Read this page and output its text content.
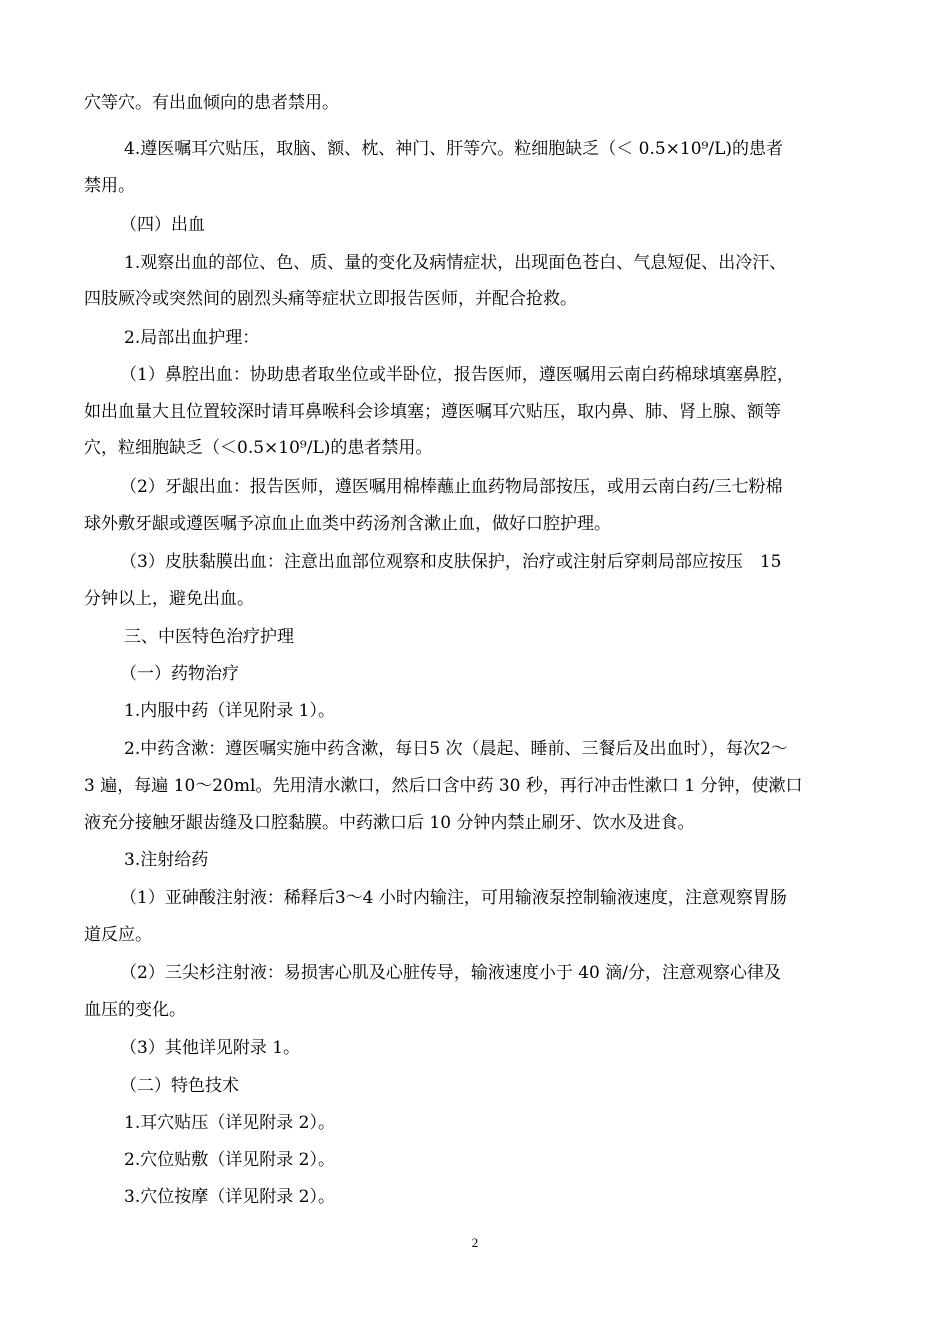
穴等穴。有出血倾向的患者禁用。
4.遵医嘱耳穴贴压，取脑、额、枕、神门、肝等穴。粒细胞缺乏（＜ 0.5×10⁹/L)的患者
禁用。
（四）出血
1.观察出血的部位、色、质、量的变化及病情症状，出现面色苍白、气息短促、出冷汗、
四肢厥冷或突然间的剧烈头痛等症状立即报告医师，并配合抢救。
2.局部出血护理：
（1）鼻腔出血：协助患者取坐位或半卧位，报告医师，遵医嘱用云南白药棉球填塞鼻腔，
如出血量大且位置较深时请耳鼻喉科会诊填塞；遵医嘱耳穴贴压，取内鼻、肺、肾上腺、额等
穴，粒细胞缺乏（＜0.5×10⁹/L)的患者禁用。
（2）牙龈出血：报告医师，遵医嘱用棉棒蘸止血药物局部按压，或用云南白药/三七粉棉
球外敷牙龈或遵医嘱予凉血止血类中药汤剂含漱止血，做好口腔护理。
（3）皮肤黏膜出血：注意出血部位观察和皮肤保护，治疗或注射后穿刺局部应按压　15
分钟以上，避免出血。
三、中医特色治疗护理
（一）药物治疗
1.内服中药（详见附录 1）。
2.中药含漱：遵医嘱实施中药含漱，每日5 次（晨起、睡前、三餐后及出血时），每次2～
3 遍，每遍 10～20ml。先用清水漱口，然后口含中药 30 秒，再行冲击性漱口 1 分钟，使漱口
液充分接触牙龈齿缝及口腔黏膜。中药漱口后 10 分钟内禁止刷牙、饮水及进食。
3.注射给药
（1）亚砷酸注射液：稀释后3～4 小时内输注，可用输液泵控制输液速度，注意观察胃肠
道反应。
（2）三尖杉注射液：易损害心肌及心脏传导，输液速度小于 40 滴/分，注意观察心律及
血压的变化。
（3）其他详见附录 1。
（二）特色技术
1.耳穴贴压（详见附录 2）。
2.穴位贴敷（详见附录 2）。
3.穴位按摩（详见附录 2）。
2
